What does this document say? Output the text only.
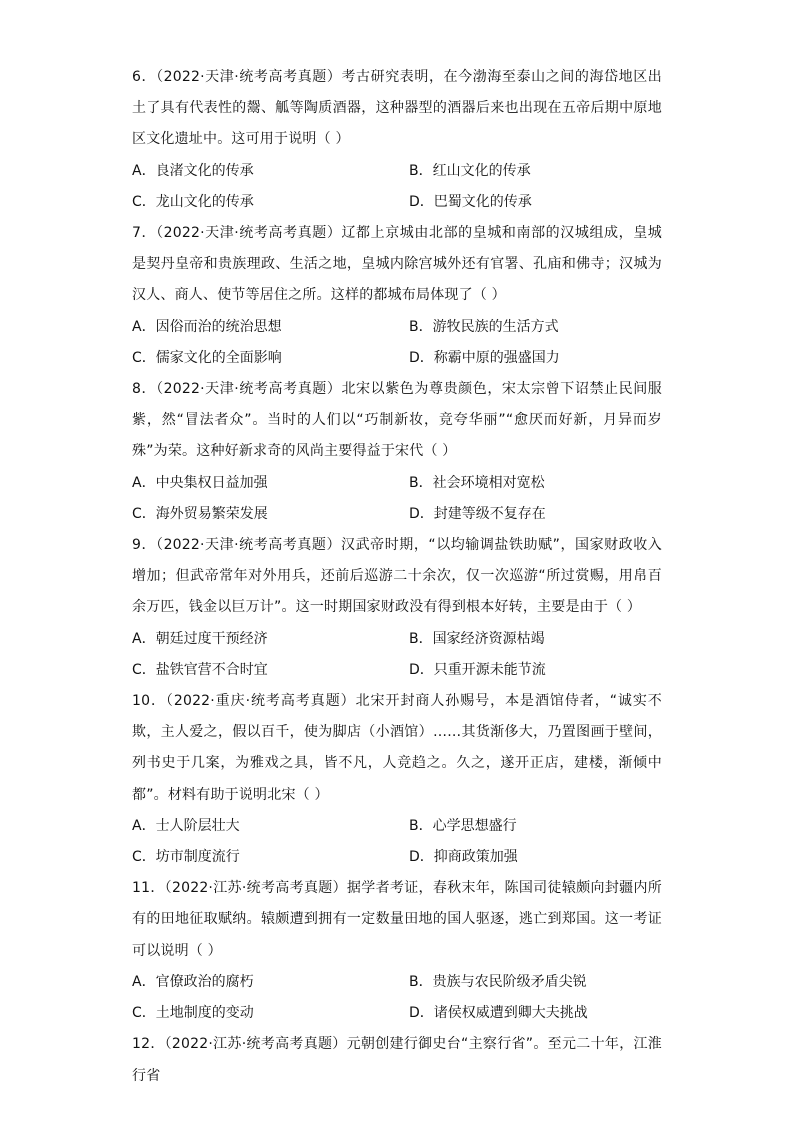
6．（2022·天津·统考高考真题）考古研究表明，在今渤海至泰山之间的海岱地区出土了具有代表性的鬶、觚等陶质酒器，这种器型的酒器后来也出现在五帝后期中原地区文化遗址中。这可用于说明（ ）

A．良渚文化的传承	B．红山文化的传承
C．龙山文化的传承	D．巴蜀文化的传承

7．（2022·天津·统考高考真题）辽都上京城由北部的皇城和南部的汉城组成，皇城是契丹皇帝和贵族理政、生活之地，皇城内除宫城外还有官署、孔庙和佛寺；汉城为汉人、商人、使节等居住之所。这样的都城布局体现了（ ）

A．因俗而治的统治思想	B．游牧民族的生活方式
C．儒家文化的全面影响	D．称霸中原的强盛国力

8．（2022·天津·统考高考真题）北宋以紫色为尊贵颜色，宋太宗曾下诏禁止民间服紫，然“冒法者众”。当时的人们以“巧制新妆，竞夸华丽”“愈厌而好新，月异而岁殊”为荣。这种好新求奇的风尚主要得益于宋代（ ）

A．中央集权日益加强	B．社会环境相对宽松
C．海外贸易繁荣发展	D．封建等级不复存在

9．（2022·天津·统考高考真题）汉武帝时期，“以均输调盐铁助赋”，国家财政收入增加；但武帝常年对外用兵，还前后巡游二十余次，仅一次巡游“所过赏赐，用帛百余万匹，钱金以巨万计”。这一时期国家财政没有得到根本好转，主要是由于（ ）

A．朝廷过度干预经济	B．国家经济资源枯竭
C．盐铁官营不合时宜	D．只重开源未能节流

10．（2022·重庆·统考高考真题）北宋开封商人孙赐号，本是酒馆侍者，“诚实不欺，主人爱之，假以百千，使为脚店（小酒馆）……其货渐侈大，乃置图画于壁间，列书史于几案，为雅戏之具，皆不凡，人竞趋之。久之，遂开正店，建楼，渐倾中都”。材料有助于说明北宋（ ）

A．士人阶层壮大	B．心学思想盛行
C．坊市制度流行	D．抑商政策加强

11．（2022·江苏·统考高考真题）据学者考证，春秋末年，陈国司徒辕颇向封疆内所有的田地征取赋纳。辕颇遭到拥有一定数量田地的国人驱逐，逃亡到郑国。这一考证可以说明（ ）

A．官僚政治的腐朽	B．贵族与农民阶级矛盾尖锐
C．土地制度的变动	D．诸侯权威遭到卿大夫挑战

12．（2022·江苏·统考高考真题）元朝创建行御史台“主察行省”。至元二十年，江淮行省
